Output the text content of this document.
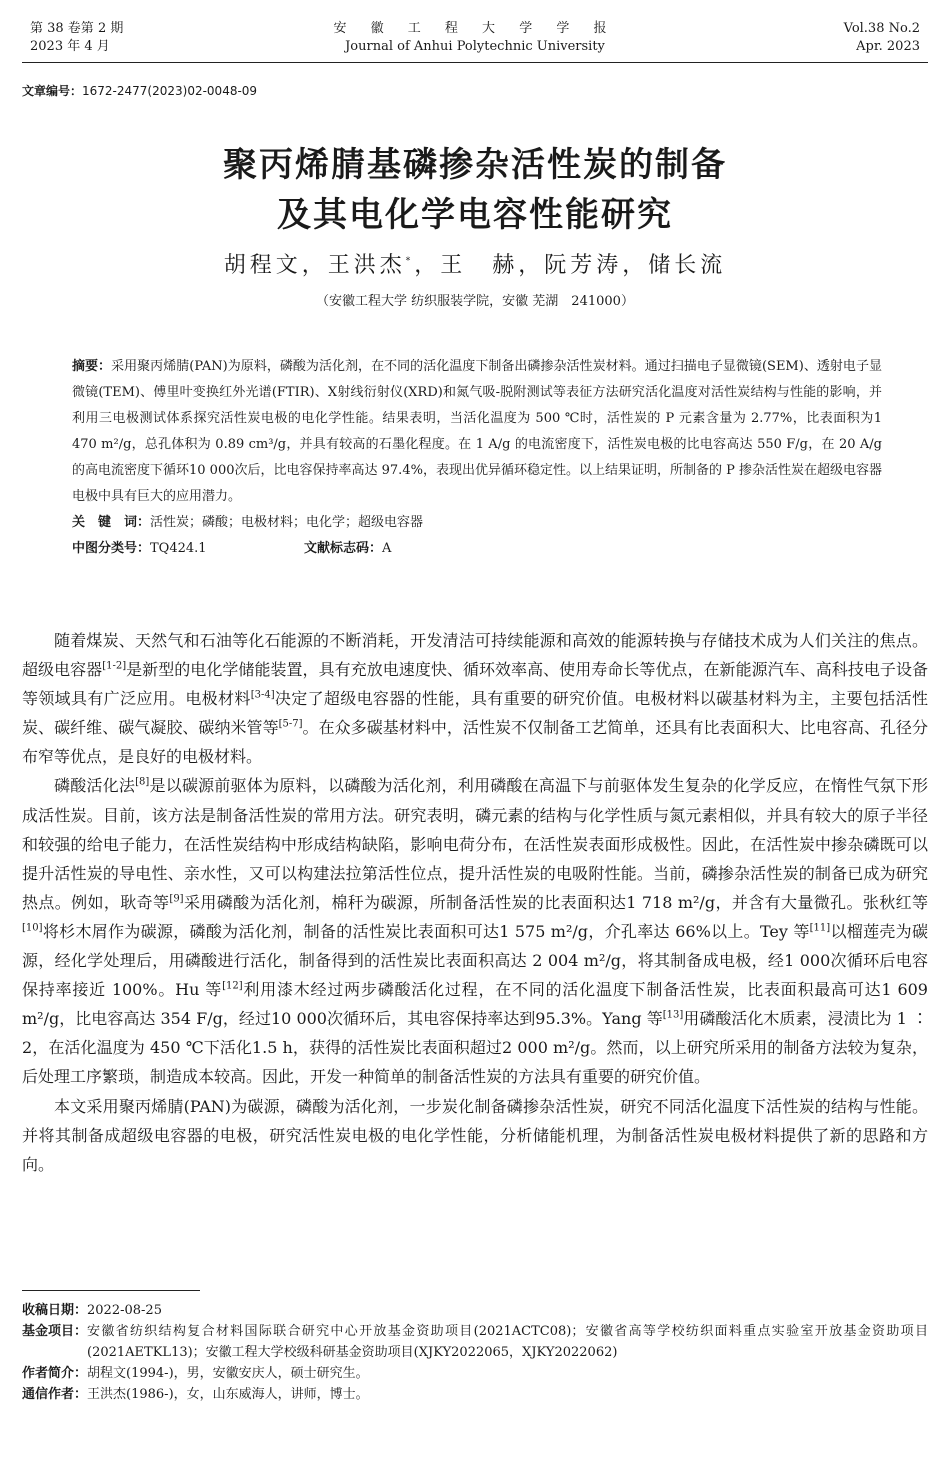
第 38 卷第 2 期
2023 年 4 月
安 徽 工 程 大 学 学 报
Journal of Anhui Polytechnic University
Vol.38 No.2
Apr. 2023
文章编号：1672-2477(2023)02-0048-09
聚丙烯腈基磷掺杂活性炭的制备
及其电化学电容性能研究
胡程文，王洪杰*，王　赫，阮芳涛，储长流
（安徽工程大学 纺织服装学院，安徽 芜湖　241000）
摘要：采用聚丙烯腈(PAN)为原料，磷酸为活化剂，在不同的活化温度下制备出磷掺杂活性炭材料。通过扫描电子显微镜(SEM)、透射电子显微镜(TEM)、傅里叶变换红外光谱(FTIR)、X射线衍射仪(XRD)和氮气吸-脱附测试等表征方法研究活化温度对活性炭结构与性能的影响，并利用三电极测试体系探究活性炭电极的电化学性能。结果表明，当活化温度为 500 ℃时，活性炭的 P 元素含量为 2.77%，比表面积为1 470 m²/g，总孔体积为 0.89 cm³/g，并具有较高的石墨化程度。在 1 A/g 的电流密度下，活性炭电极的比电容高达 550 F/g，在 20 A/g 的高电流密度下循环10 000次后，比电容保持率高达 97.4%，表现出优异循环稳定性。以上结果证明，所制备的 P 掺杂活性炭在超级电容器电极中具有巨大的应用潜力。
关　键　词：活性炭；磷酸；电极材料；电化学；超级电容器
中图分类号：TQ424.1	文献标志码：A

随着煤炭、天然气和石油等化石能源的不断消耗，开发清洁可持续能源和高效的能源转换与存储技术成为人们关注的焦点。超级电容器[1-2]是新型的电化学储能装置，具有充放电速度快、循环效率高、使用寿命长等优点，在新能源汽车、高科技电子设备等领域具有广泛应用。电极材料[3-4]决定了超级电容器的性能，具有重要的研究价值。电极材料以碳基材料为主，主要包括活性炭、碳纤维、碳气凝胶、碳纳米管等[5-7]。在众多碳基材料中，活性炭不仅制备工艺简单，还具有比表面积大、比电容高、孔径分布窄等优点，是良好的电极材料。

磷酸活化法[8]是以碳源前驱体为原料，以磷酸为活化剂，利用磷酸在高温下与前驱体发生复杂的化学反应，在惰性气氛下形成活性炭。目前，该方法是制备活性炭的常用方法。研究表明，磷元素的结构与化学性质与氮元素相似，并具有较大的原子半径和较强的给电子能力，在活性炭结构中形成结构缺陷，影响电荷分布，在活性炭表面形成极性。因此，在活性炭中掺杂磷既可以提升活性炭的导电性、亲水性，又可以构建法拉第活性位点，提升活性炭的电吸附性能。当前，磷掺杂活性炭的制备已成为研究热点。例如，耿奇等[9]采用磷酸为活化剂，棉秆为碳源，所制备活性炭的比表面积达1 718 m²/g，并含有大量微孔。张秋红等[10]将杉木屑作为碳源，磷酸为活化剂，制备的活性炭比表面积可达1 575 m²/g，介孔率达 66%以上。Tey 等[11]以榴莲壳为碳源，经化学处理后，用磷酸进行活化，制备得到的活性炭比表面积高达 2 004 m²/g，将其制备成电极，经1 000次循环后电容保持率接近 100%。Hu 等[12]利用漆木经过两步磷酸活化过程，在不同的活化温度下制备活性炭，比表面积最高可达1 609 m²/g，比电容高达 354 F/g，经过10 000次循环后，其电容保持率达到95.3%。Yang 等[13]用磷酸活化木质素，浸渍比为 1 ∶ 2，在活化温度为 450 ℃下活化1.5 h，获得的活性炭比表面积超过2 000 m²/g。然而，以上研究所采用的制备方法较为复杂，后处理工序繁琐，制造成本较高。因此，开发一种简单的制备活性炭的方法具有重要的研究价值。

本文采用聚丙烯腈(PAN)为碳源，磷酸为活化剂，一步炭化制备磷掺杂活性炭，研究不同活化温度下活性炭的结构与性能。并将其制备成超级电容器的电极，研究活性炭电极的电化学性能，分析储能机理，为制备活性炭电极材料提供了新的思路和方向。

收稿日期： 2022-08-25
基金项目： 安徽省纺织结构复合材料国际联合研究中心开放基金资助项目(2021ACTC08)；安徽省高等学校纺织面料重点实验室开放基金资助项目(2021AETKL13)；安徽工程大学校级科研基金资助项目(XJKY2022065，XJKY2022062)
作者简介： 胡程文(1994-)，男，安徽安庆人，硕士研究生。
通信作者： 王洪杰(1986-)，女，山东威海人，讲师，博士。
